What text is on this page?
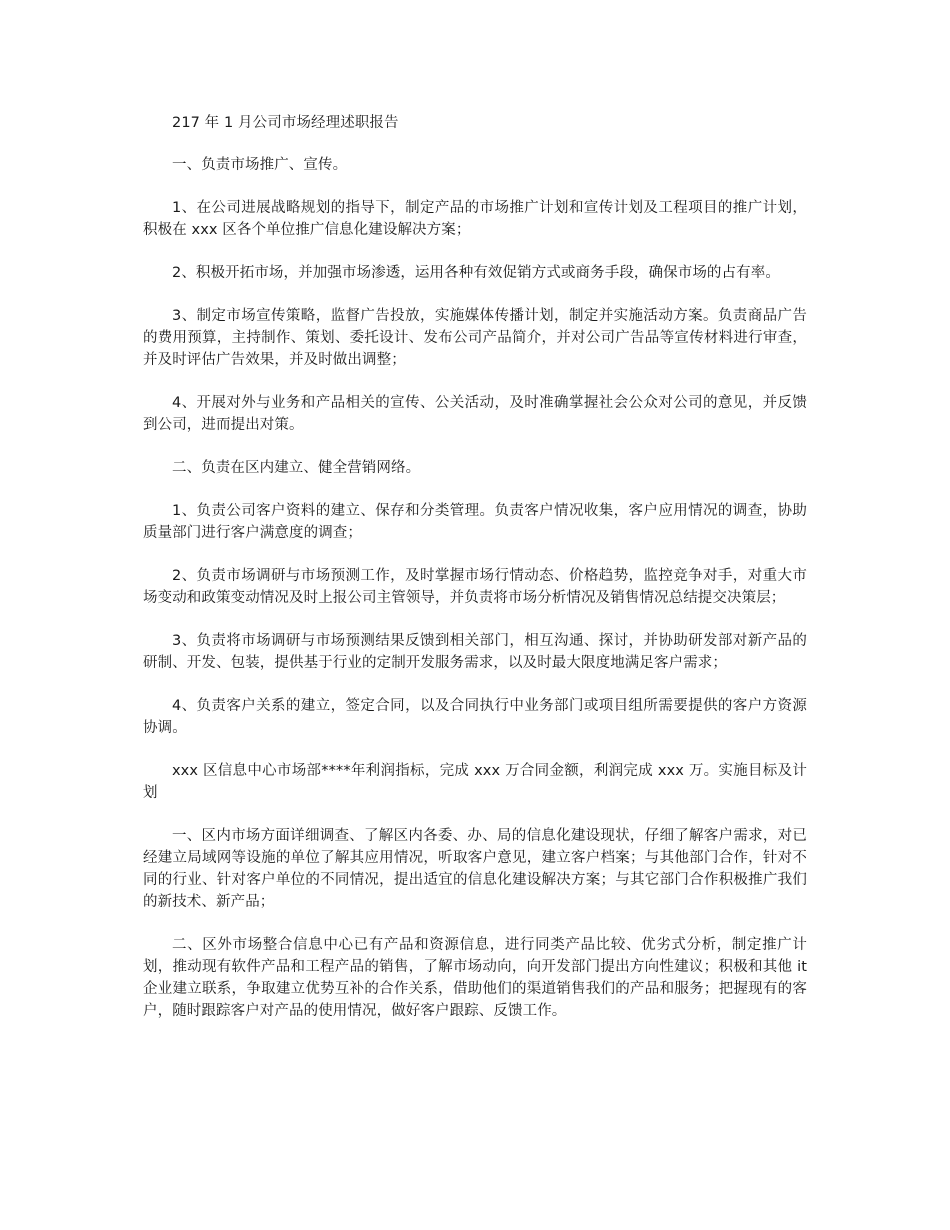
217 年 1 月公司市场经理述职报告

一、负责市场推广、宣传。

1、在公司进展战略规划的指导下，制定产品的市场推广计划和宣传计划及工程项目的推广计划，积极在 xxx 区各个单位推广信息化建设解决方案；

2、积极开拓市场，并加强市场渗透，运用各种有效促销方式或商务手段，确保市场的占有率。

3、制定市场宣传策略，监督广告投放，实施媒体传播计划，制定并实施活动方案。负责商品广告的费用预算，主持制作、策划、委托设计、发布公司产品简介，并对公司广告品等宣传材料进行审查，并及时评估广告效果，并及时做出调整；

4、开展对外与业务和产品相关的宣传、公关活动，及时准确掌握社会公众对公司的意见，并反馈到公司，进而提出对策。

二、负责在区内建立、健全营销网络。

1、负责公司客户资料的建立、保存和分类管理。负责客户情况收集，客户应用情况的调查，协助质量部门进行客户满意度的调查；

2、负责市场调研与市场预测工作，及时掌握市场行情动态、价格趋势，监控竞争对手，对重大市场变动和政策变动情况及时上报公司主管领导，并负责将市场分析情况及销售情况总结提交决策层；

3、负责将市场调研与市场预测结果反馈到相关部门，相互沟通、探讨，并协助研发部对新产品的研制、开发、包装，提供基于行业的定制开发服务需求，以及时最大限度地满足客户需求；

4、负责客户关系的建立，签定合同，以及合同执行中业务部门或项目组所需要提供的客户方资源协调。

xxx 区信息中心市场部****年利润指标，完成 xxx 万合同金额，利润完成 xxx 万。实施目标及计划

一、区内市场方面详细调查、了解区内各委、办、局的信息化建设现状，仔细了解客户需求，对已经建立局域网等设施的单位了解其应用情况，听取客户意见，建立客户档案；与其他部门合作，针对不同的行业、针对客户单位的不同情况，提出适宜的信息化建设解决方案；与其它部门合作积极推广我们的新技术、新产品；

二、区外市场整合信息中心已有产品和资源信息，进行同类产品比较、优劣式分析，制定推广计划，推动现有软件产品和工程产品的销售，了解市场动向，向开发部门提出方向性建议；积极和其他 it 企业建立联系，争取建立优势互补的合作关系，借助他们的渠道销售我们的产品和服务；把握现有的客户，随时跟踪客户对产品的使用情况，做好客户跟踪、反馈工作。
